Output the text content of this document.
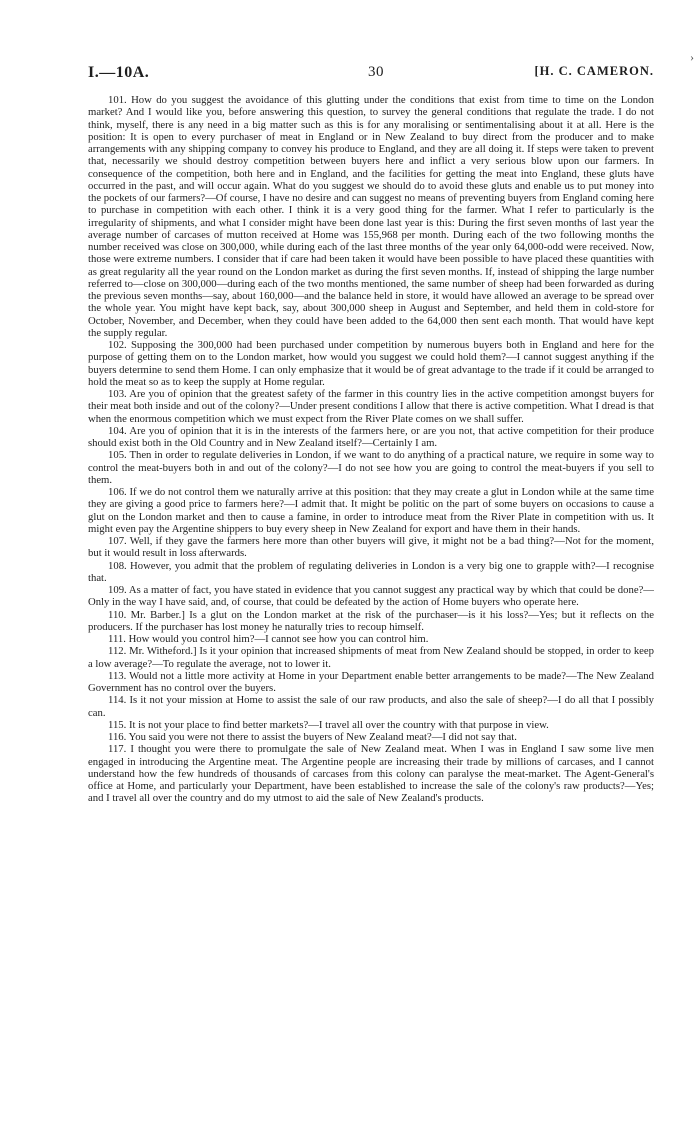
›
I.—10A.	30	[H. C. CAMERON.

101. How do you suggest the avoidance of this glutting under the conditions that exist from time to time on the London market? And I would like you, before answering this question, to survey the general conditions that regulate the trade. I do not think, myself, there is any need in a big matter such as this is for any moralising or sentimentalising about it at all. Here is the position: It is open to every purchaser of meat in England or in New Zealand to buy direct from the producer and to make arrangements with any shipping company to convey his produce to England, and they are all doing it. If steps were taken to prevent that, necessarily we should destroy competition between buyers here and inflict a very serious blow upon our farmers. In consequence of the competition, both here and in England, and the facilities for getting the meat into England, these gluts have occurred in the past, and will occur again. What do you suggest we should do to avoid these gluts and enable us to put money into the pockets of our farmers?—Of course, I have no desire and can suggest no means of preventing buyers from England coming here to purchase in competition with each other. I think it is a very good thing for the farmer. What I refer to particularly is the irregularity of shipments, and what I consider might have been done last year is this: During the first seven months of last year the average number of carcases of mutton received at Home was 155,968 per month. During each of the two following months the number received was close on 300,000, while during each of the last three months of the year only 64,000-odd were received. Now, those were extreme numbers. I consider that if care had been taken it would have been possible to have placed these quantities with as great regularity all the year round on the London market as during the first seven months. If, instead of shipping the large number referred to—close on 300,000—during each of the two months mentioned, the same number of sheep had been forwarded as during the previous seven months—say, about 160,000—and the balance held in store, it would have allowed an average to be spread over the whole year. You might have kept back, say, about 300,000 sheep in August and September, and held them in cold-store for October, November, and December, when they could have been added to the 64,000 then sent each month. That would have kept the supply regular.

102. Supposing the 300,000 had been purchased under competition by numerous buyers both in England and here for the purpose of getting them on to the London market, how would you suggest we could hold them?—I cannot suggest anything if the buyers determine to send them Home. I can only emphasize that it would be of great advantage to the trade if it could be arranged to hold the meat so as to keep the supply at Home regular.

103. Are you of opinion that the greatest safety of the farmer in this country lies in the active competition amongst buyers for their meat both inside and out of the colony?—Under present conditions I allow that there is active competition. What I dread is that when the enormous competition which we must expect from the River Plate comes on we shall suffer.

104. Are you of opinion that it is in the interests of the farmers here, or are you not, that active competition for their produce should exist both in the Old Country and in New Zealand itself?—Certainly I am.

105. Then in order to regulate deliveries in London, if we want to do anything of a practical nature, we require in some way to control the meat-buyers both in and out of the colony?—I do not see how you are going to control the meat-buyers if you sell to them.

106. If we do not control them we naturally arrive at this position: that they may create a glut in London while at the same time they are giving a good price to farmers here?—I admit that. It might be politic on the part of some buyers on occasions to cause a glut on the London market and then to cause a famine, in order to introduce meat from the River Plate in competition with us. It might even pay the Argentine shippers to buy every sheep in New Zealand for export and have them in their hands.

107. Well, if they gave the farmers here more than other buyers will give, it might not be a bad thing?—Not for the moment, but it would result in loss afterwards.

108. However, you admit that the problem of regulating deliveries in London is a very big one to grapple with?—I recognise that.

109. As a matter of fact, you have stated in evidence that you cannot suggest any practical way by which that could be done?—Only in the way I have said, and, of course, that could be defeated by the action of Home buyers who operate here.

110. Mr. Barber.] Is a glut on the London market at the risk of the purchaser—is it his loss?—Yes; but it reflects on the producers. If the purchaser has lost money he naturally tries to recoup himself.

111. How would you control him?—I cannot see how you can control him.

112. Mr. Witheford.] Is it your opinion that increased shipments of meat from New Zealand should be stopped, in order to keep a low average?—To regulate the average, not to lower it.

113. Would not a little more activity at Home in your Department enable better arrangements to be made?—The New Zealand Government has no control over the buyers.

114. Is it not your mission at Home to assist the sale of our raw products, and also the sale of sheep?—I do all that I possibly can.

115. It is not your place to find better markets?—I travel all over the country with that purpose in view.

116. You said you were not there to assist the buyers of New Zealand meat?—I did not say that.

117. I thought you were there to promulgate the sale of New Zealand meat. When I was in England I saw some live men engaged in introducing the Argentine meat. The Argentine people are increasing their trade by millions of carcases, and I cannot understand how the few hundreds of thousands of carcases from this colony can paralyse the meat-market. The Agent-General's office at Home, and particularly your Department, have been established to increase the sale of the colony's raw products?—Yes; and I travel all over the country and do my utmost to aid the sale of New Zealand's products.
